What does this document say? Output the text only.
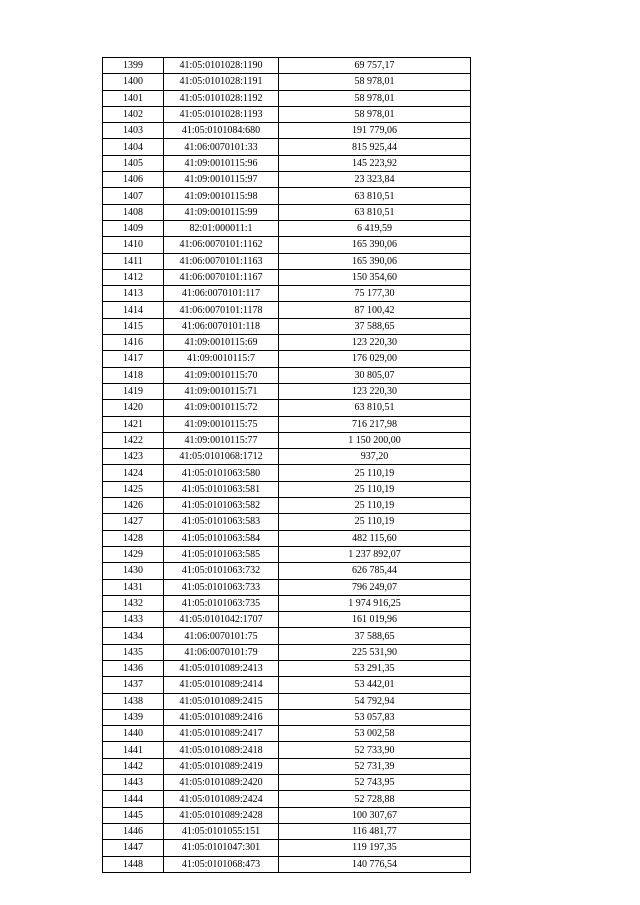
1399	41:05:0101028:1190	69 757,17
1400	41:05:0101028:1191	58 978,01
1401	41:05:0101028:1192	58 978,01
1402	41:05:0101028:1193	58 978,01
1403	41:05:0101084:680	191 779,06
1404	41:06:0070101:33	815 925,44
1405	41:09:0010115:96	145 223,92
1406	41:09:0010115:97	23 323,84
1407	41:09:0010115:98	63 810,51
1408	41:09:0010115:99	63 810,51
1409	82:01:000011:1	6 419,59
1410	41:06:0070101:1162	165 390,06
1411	41:06:0070101:1163	165 390,06
1412	41:06:0070101:1167	150 354,60
1413	41:06:0070101:117	75 177,30
1414	41:06:0070101:1178	87 100,42
1415	41:06:0070101:118	37 588,65
1416	41:09:0010115:69	123 220,30
1417	41:09:0010115:7	176 029,00
1418	41:09:0010115:70	30 805,07
1419	41:09:0010115:71	123 220,30
1420	41:09:0010115:72	63 810,51
1421	41:09:0010115:75	716 217,98
1422	41:09:0010115:77	1 150 200,00
1423	41:05:0101068:1712	937,20
1424	41:05:0101063:580	25 110,19
1425	41:05:0101063:581	25 110,19
1426	41:05:0101063:582	25 110,19
1427	41:05:0101063:583	25 110,19
1428	41:05:0101063:584	482 115,60
1429	41:05:0101063:585	1 237 892,07
1430	41:05:0101063:732	626 785,44
1431	41:05:0101063:733	796 249,07
1432	41:05:0101063:735	1 974 916,25
1433	41:05:0101042:1707	161 019,96
1434	41:06:0070101:75	37 588,65
1435	41:06:0070101:79	225 531,90
1436	41:05:0101089:2413	53 291,35
1437	41:05:0101089:2414	53 442,01
1438	41:05:0101089:2415	54 792,94
1439	41:05:0101089:2416	53 057,83
1440	41:05:0101089:2417	53 002,58
1441	41:05:0101089:2418	52 733,90
1442	41:05:0101089:2419	52 731,39
1443	41:05:0101089:2420	52 743,95
1444	41:05:0101089:2424	52 728,88
1445	41:05:0101089:2428	100 307,67
1446	41:05:0101055:151	116 481,77
1447	41:05:0101047:301	119 197,35
1448	41:05:0101068:473	140 776,54
